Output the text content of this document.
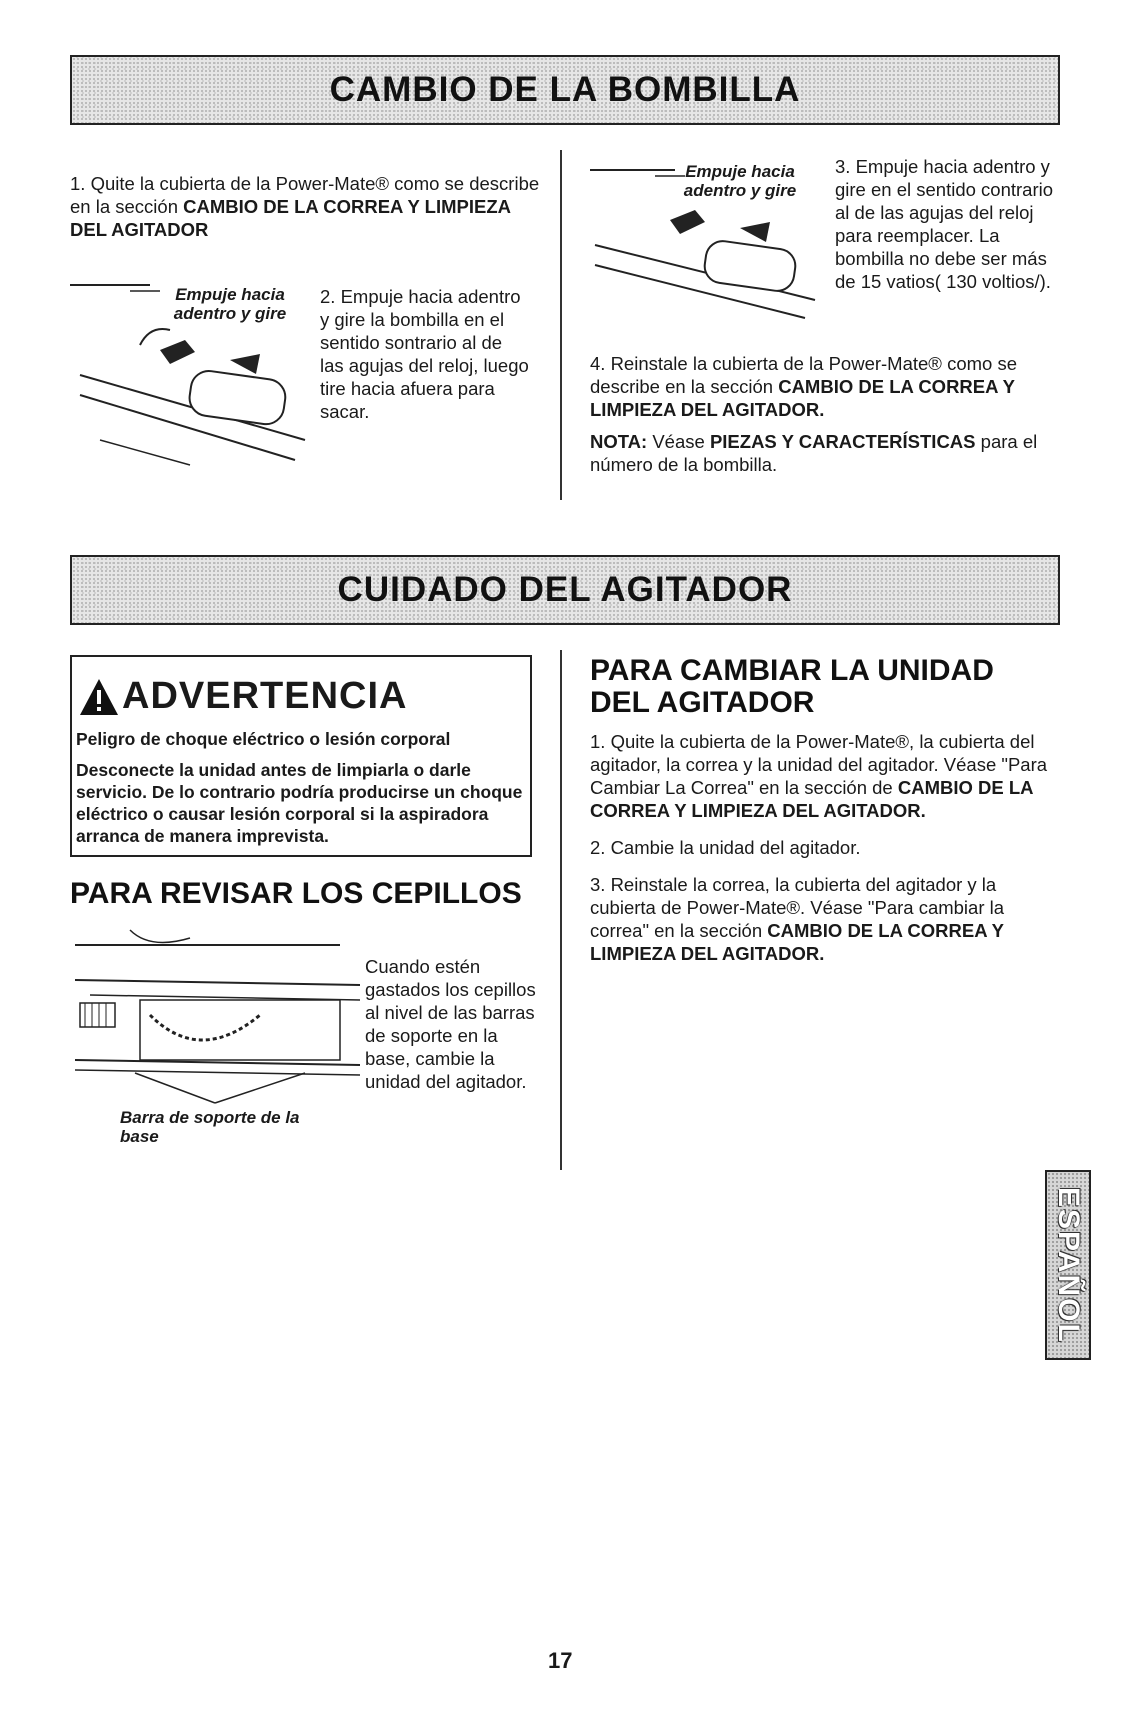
CAMBIO DE LA BOMBILLA
1. Quite la cubierta de la Power-Mate® como se describe en la sección CAMBIO DE LA CORREA Y LIMPIEZA DEL AGITADOR
Empuje hacia adentro y gire
2. Empuje hacia adentro y gire la bombilla en el sentido sontrario al de las agujas del reloj, luego tire hacia afuera para sacar.
Empuje hacia adentro y gire
3. Empuje hacia adentro y gire en el sentido contrario al de las agujas del reloj para reemplacer. La bombilla no debe ser más de 15 vatios( 130 voltios/).

4. Reinstale la cubierta de la Power-Mate® como se describe en la sección CAMBIO DE LA CORREA Y LIMPIEZA DEL AGITADOR.

NOTA: Véase PIEZAS Y CARACTERÍSTICAS para el número de la bombilla.

CUIDADO DEL AGITADOR
ADVERTENCIA
Peligro de choque eléctrico o lesión corporal
Desconecte la unidad antes de limpiarla o darle servicio. De lo contrario podría producirse un choque eléctrico o causar lesión corporal si la aspiradora arranca de manera imprevista.
PARA REVISAR LOS CEPILLOS
Barra de soporte de la base
Cuando estén gastados los cepillos al nivel de las barras de soporte en la base, cambie la unidad del agitador.
PARA CAMBIAR LA UNIDAD DEL AGITADOR

1. Quite la cubierta de la Power-Mate®, la cubierta del agitador, la correa y la unidad del agitador. Véase "Para Cambiar La Correa" en la sección de CAMBIO DE LA CORREA Y LIMPIEZA DEL AGITADOR.

2. Cambie la unidad del agitador.

3. Reinstale la correa, la cubierta del agitador y la cubierta de Power-Mate®. Véase "Para cambiar la correa" en la sección CAMBIO DE LA CORREA Y LIMPIEZA DEL AGITADOR.

ESPAÑOL
17
